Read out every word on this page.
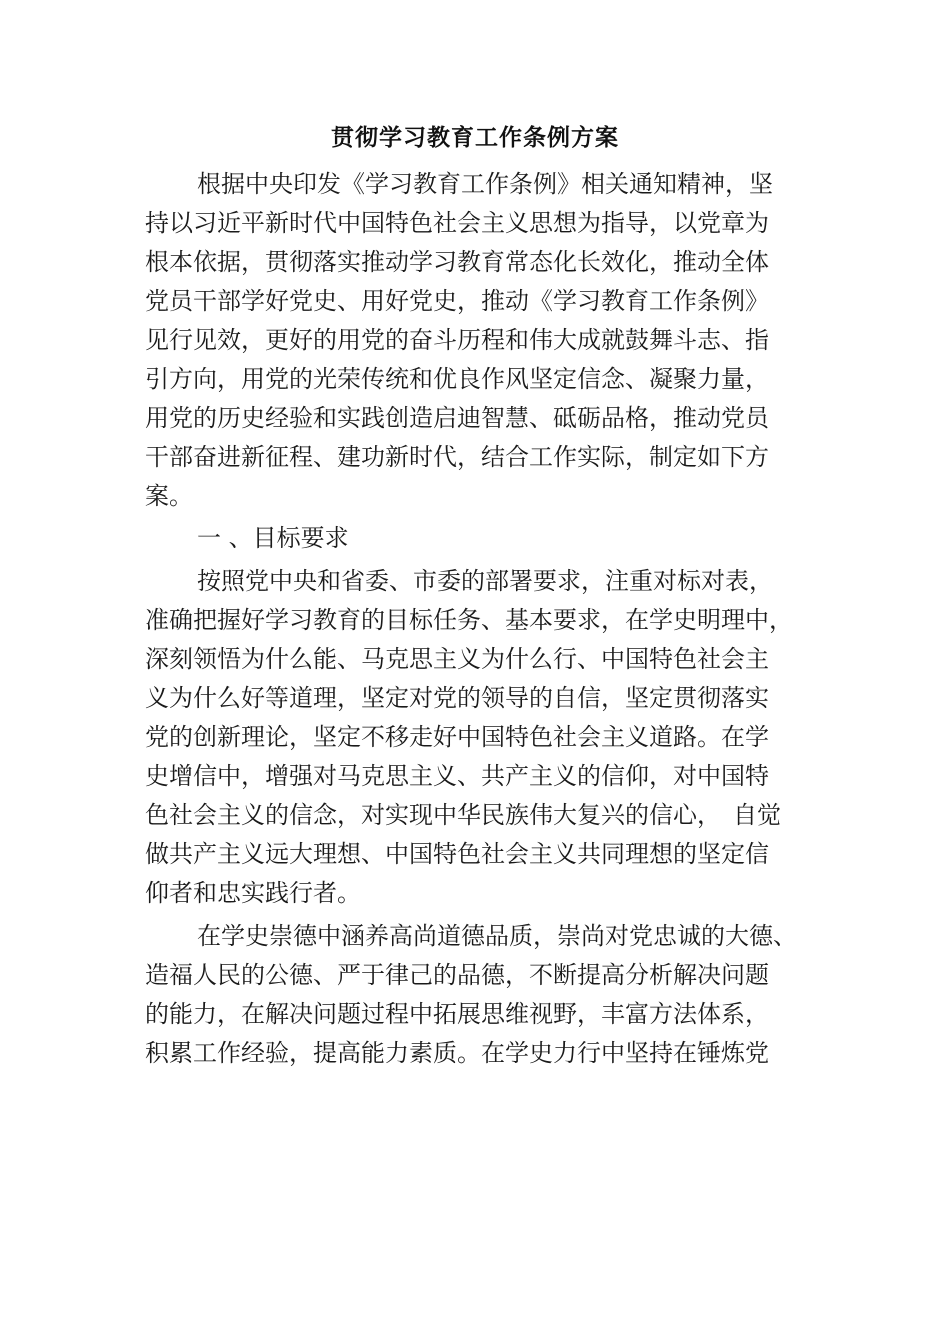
贯彻学习教育工作条例方案
根据中央印发《学习教育工作条例》相关通知精神，坚
持以习近平新时代中国特色社会主义思想为指导，以党章为
根本依据，贯彻落实推动学习教育常态化长效化，推动全体
党员干部学好党史、用好党史，推动《学习教育工作条例》
见行见效，更好的用党的奋斗历程和伟大成就鼓舞斗志、指
引方向，用党的光荣传统和优良作风坚定信念、凝聚力量，
用党的历史经验和实践创造启迪智慧、砥砺品格，推动党员
干部奋进新征程、建功新时代，结合工作实际，制定如下方
案。
一 、目标要求
按照党中央和省委、市委的部署要求，注重对标对表，
准确把握好学习教育的目标任务、基本要求，在学史明理中，
深刻领悟为什么能、马克思主义为什么行、中国特色社会主
义为什么好等道理，坚定对党的领导的自信，坚定贯彻落实
党的创新理论，坚定不移走好中国特色社会主义道路。在学
史增信中，增强对马克思主义、共产主义的信仰，对中国特
色社会主义的信念，对实现中华民族伟大复兴的信心，　自觉
做共产主义远大理想、中国特色社会主义共同理想的坚定信
仰者和忠实践行者。
在学史崇德中涵养高尚道德品质，崇尚对党忠诚的大德、
造福人民的公德、严于律己的品德，不断提高分析解决问题
的能力，在解决问题过程中拓展思维视野，丰富方法体系，
积累工作经验，提高能力素质。在学史力行中坚持在锤炼党
